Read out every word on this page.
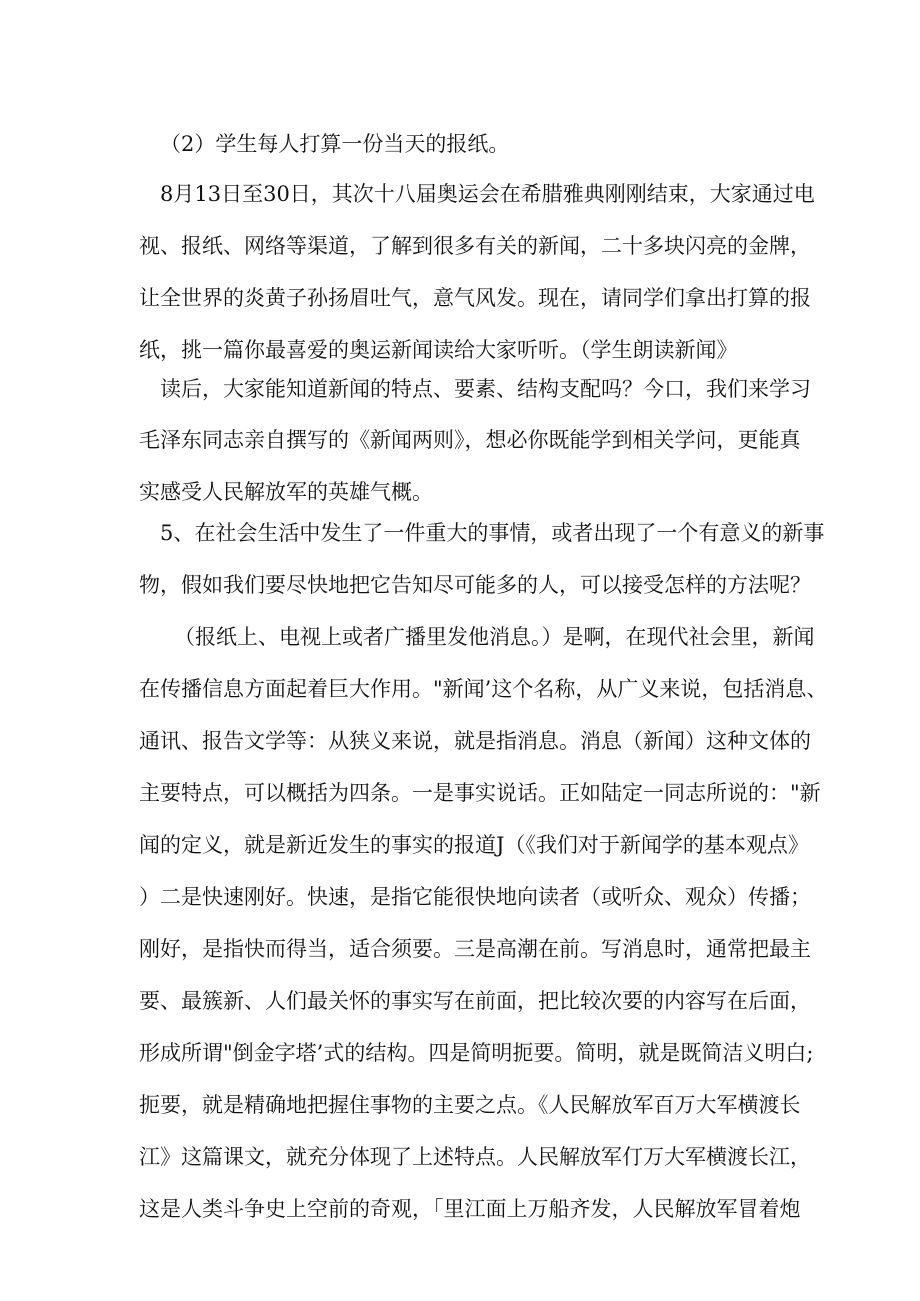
（2）学生每人打算一份当天的报纸。
8月13日至30日，其次十八届奥运会在希腊雅典刚刚结束，大家通过电
视、报纸、网络等渠道，了解到很多有关的新闻，二十多块闪亮的金牌，
让全世界的炎黄子孙扬眉吐气，意气风发。现在，请同学们拿出打算的报
纸，挑一篇你最喜爱的奥运新闻读给大家听听。（学生朗读新闻》
读后，大家能知道新闻的特点、要素、结构支配吗？今口，我们来学习
毛泽东同志亲自撰写的《新闻两则》，想必你既能学到相关学问，更能真
实感受人民解放军的英雄气概。
5、在社会生活中发生了一件重大的事情，或者出现了一个有意义的新事
物，假如我们要尽快地把它告知尽可能多的人，可以接受怎样的方法呢？
（报纸上、电视上或者广播里发他消息。）是啊，在现代社会里，新闻
在传播信息方面起着巨大作用。"新闻’这个名称，从广义来说，包括消息、
通讯、报告文学等：从狭义来说，就是指消息。消息（新闻）这种文体的
主要特点，可以概括为四条。一是事实说话。正如陆定一同志所说的："新
闻的定义，就是新近发生的事实的报道J（《我们对于新闻学的基本观点》
）二是快速刚好。快速，是指它能很快地向读者（或听众、观众）传播；
刚好，是指快而得当，适合须要。三是高潮在前。写消息时，通常把最主
要、最簇新、人们最关怀的事实写在前面，把比较次要的内容写在后面，
形成所谓"倒金字塔’式的结构。四是简明扼要。简明，就是既简洁义明白;
扼要，就是精确地把握住事物的主要之点。《人民解放军百万大军横渡长
江》这篇课文，就充分体现了上述特点。人民解放军仃万大军横渡长江，
这是人类斗争史上空前的奇观，「里江面上万船齐发，人民解放军冒着炮
